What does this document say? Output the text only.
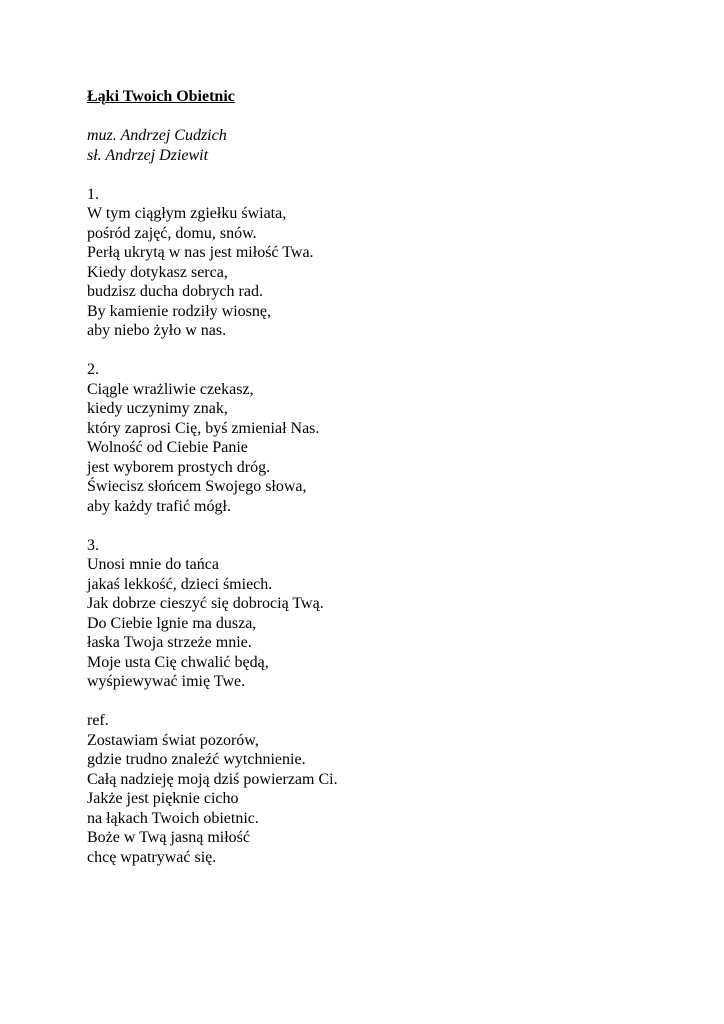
Łąki Twoich Obietnic
muz. Andrzej Cudzich
sł. Andrzej Dziewit
1.
W tym ciągłym zgiełku świata,
pośród zajęć, domu, snów.
Perłą ukrytą w nas jest miłość Twa.
Kiedy dotykasz serca,
budzisz ducha dobrych rad.
By kamienie rodziły wiosnę,
aby niebo żyło w nas.
2.
Ciągle wrażliwie czekasz,
kiedy uczynimy znak,
który zaprosi Cię, byś zmieniał Nas.
Wolność od Ciebie Panie
jest wyborem prostych dróg.
Świecisz słońcem Swojego słowa,
aby każdy trafić mógł.
3.
Unosi mnie do tańca
jakaś lekkość, dzieci śmiech.
Jak dobrze cieszyć się dobrocią Twą.
Do Ciebie lgnie ma dusza,
łaska Twoja strzeże mnie.
Moje usta Cię chwalić będą,
wyśpiewywać imię Twe.
ref.
Zostawiam świat pozorów,
gdzie trudno znaleźć wytchnienie.
Całą nadzieję moją dziś powierzam Ci.
Jakże jest pięknie cicho
na łąkach Twoich obietnic.
Boże w Twą jasną miłość
chcę wpatrywać się.
